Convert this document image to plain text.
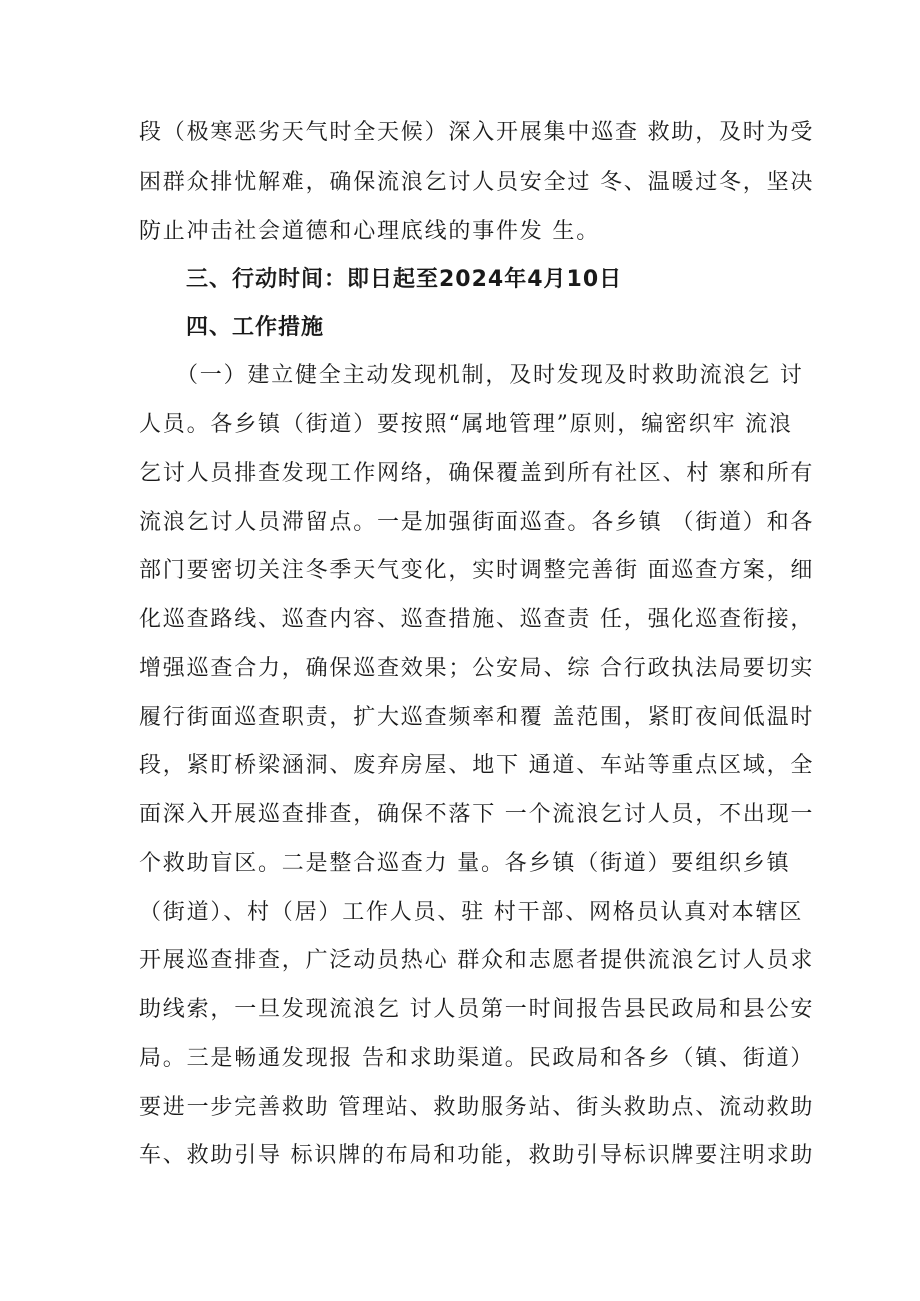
段（极寒恶劣天气时全天候）深入开展集中巡查 救助，及时为受
困群众排忧解难，确保流浪乞讨人员安全过 冬、温暖过冬，坚决
防止冲击社会道德和心理底线的事件发 生。
三、行动时间：即日起至2024年4月10日
四、工作措施
（一）建立健全主动发现机制，及时发现及时救助流浪乞 讨
人员。各乡镇（街道）要按照“属地管理”原则，编密织牢 流浪
乞讨人员排查发现工作网络，确保覆盖到所有社区、村 寨和所有
流浪乞讨人员滞留点。一是加强街面巡查。各乡镇 （街道）和各
部门要密切关注冬季天气变化，实时调整完善街 面巡查方案，细
化巡查路线、巡查内容、巡查措施、巡查责 任，强化巡查衔接，
增强巡查合力，确保巡查效果；公安局、综 合行政执法局要切实
履行街面巡查职责，扩大巡查频率和覆 盖范围，紧盯夜间低温时
段，紧盯桥梁涵洞、废弃房屋、地下 通道、车站等重点区域，全
面深入开展巡查排查，确保不落下 一个流浪乞讨人员，不出现一
个救助盲区。二是整合巡查力 量。各乡镇（街道）要组织乡镇
（街道）、村（居）工作人员、驻 村干部、网格员认真对本辖区
开展巡查排查，广泛动员热心 群众和志愿者提供流浪乞讨人员求
助线索，一旦发现流浪乞 讨人员第一时间报告县民政局和县公安
局。三是畅通发现报 告和求助渠道。民政局和各乡（镇、街道）
要进一步完善救助 管理站、救助服务站、街头救助点、流动救助
车、救助引导 标识牌的布局和功能，救助引导标识牌要注明求助
